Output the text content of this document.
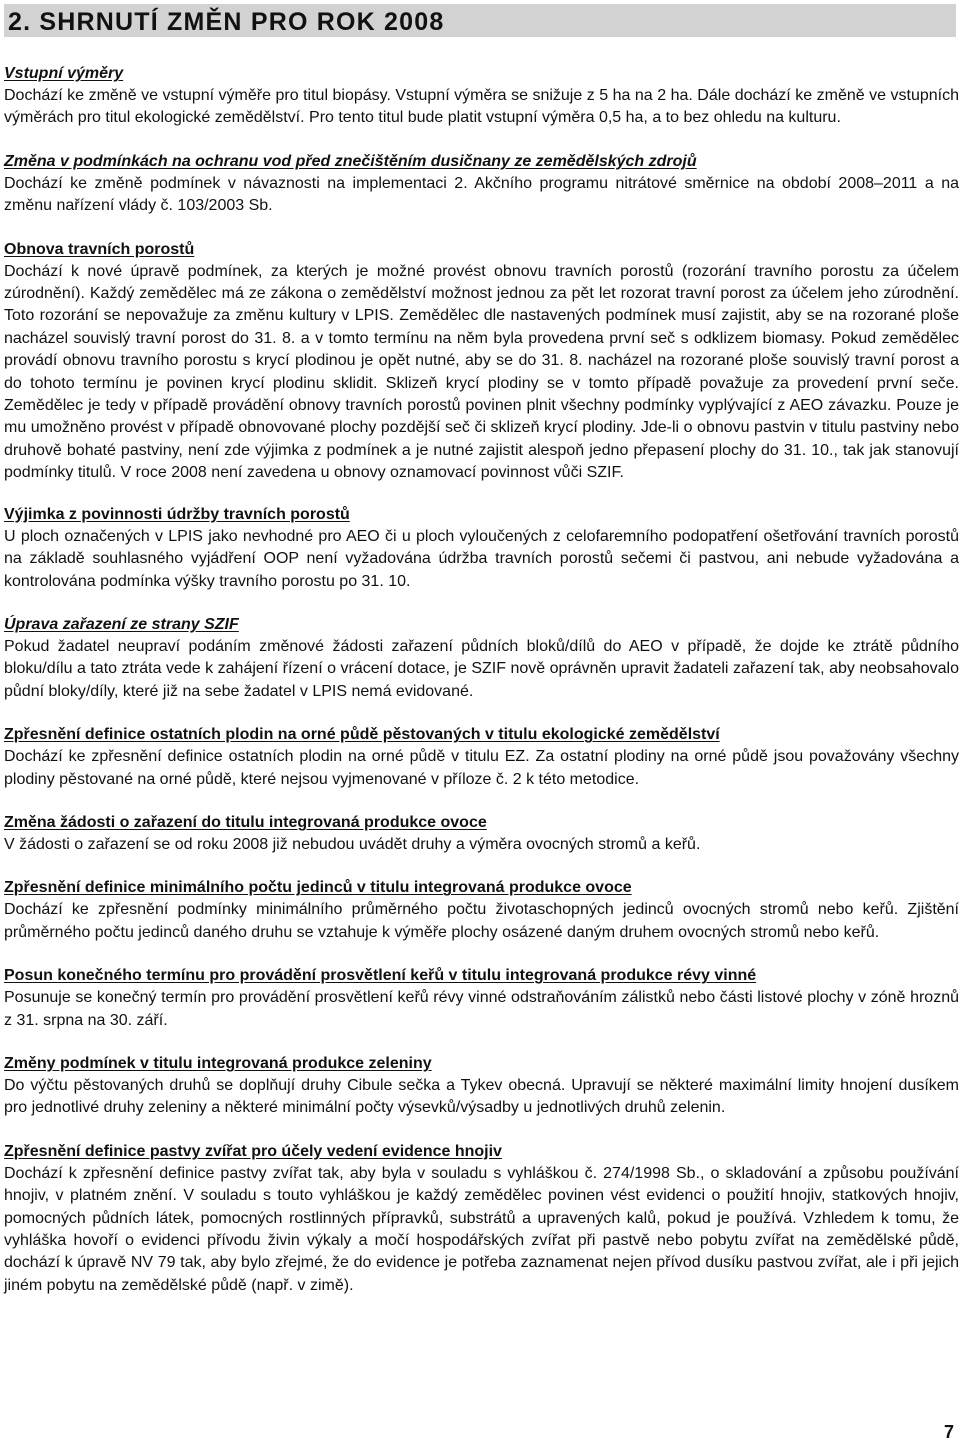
2. SHRNUTÍ ZMĚN PRO ROK 2008
Vstupní výměry

Dochází ke změně ve vstupní výměře pro titul biopásy. Vstupní výměra se snižuje z 5 ha na 2 ha. Dále dochází ke změně ve vstupních výměrách pro titul ekologické zemědělství. Pro tento titul bude platit vstupní výměra 0,5 ha, a to bez ohledu na kulturu.

Změna v podmínkách na ochranu vod před znečištěním dusičnany ze zemědělských zdrojů

Dochází ke změně podmínek v návaznosti na implementaci 2. Akčního programu nitrátové směrnice na období 2008–2011 a na změnu nařízení vlády č. 103/2003 Sb.

Obnova travních porostů

Dochází k nové úpravě podmínek, za kterých je možné provést obnovu travních porostů (rozorání travního porostu za účelem zúrodnění). Každý zemědělec má ze zákona o zemědělství možnost jednou za pět let rozorat travní porost za účelem jeho zúrodnění. Toto rozorání se nepovažuje za změnu kultury v LPIS. Zemědělec dle nastavených podmínek musí zajistit, aby se na rozorané ploše nacházel souvislý travní porost do 31. 8. a v tomto termínu na něm byla provedena první seč s odklizem biomasy. Pokud zemědělec provádí obnovu travního porostu s krycí plodinou je opět nutné, aby se do 31. 8. nacházel na rozorané ploše souvislý travní porost a do tohoto termínu je povinen krycí plodinu sklidit. Sklizeň krycí plodiny se v tomto případě považuje za provedení první seče. Zemědělec je tedy v případě provádění obnovy travních porostů povinen plnit všechny podmínky vyplývající z AEO závazku. Pouze je mu umožněno provést v případě obnovované plochy pozdější seč či sklizeň krycí plodiny. Jde-li o obnovu pastvin v titulu pastviny nebo druhově bohaté pastviny, není zde výjimka z podmínek a je nutné zajistit alespoň jedno přepasení plochy do 31. 10., tak jak stanovují podmínky titulů. V roce 2008 není zavedena u obnovy oznamovací povinnost vůči SZIF.

Výjimka z povinnosti údržby travních porostů

U ploch označených v LPIS jako nevhodné pro AEO či u ploch vyloučených z celofaremního podopatření ošetřování travních porostů na základě souhlasného vyjádření OOP není vyžadována údržba travních porostů sečemi či pastvou, ani nebude vyžadována a kontrolována podmínka výšky travního porostu po 31. 10.

Úprava zařazení ze strany SZIF

Pokud žadatel neupraví podáním změnové žádosti zařazení půdních bloků/dílů do AEO v případě, že dojde ke ztrátě půdního bloku/dílu a tato ztráta vede k zahájení řízení o vrácení dotace, je SZIF nově oprávněn upravit žadateli zařazení tak, aby neobsahovalo půdní bloky/díly, které již na sebe žadatel v LPIS nemá evidované.

Zpřesnění definice ostatních plodin na orné půdě pěstovaných v titulu ekologické zemědělství

Dochází ke zpřesnění definice ostatních plodin na orné půdě v titulu EZ. Za ostatní plodiny na orné půdě jsou považovány všechny plodiny pěstované na orné půdě, které nejsou vyjmenované v příloze č. 2 k této metodice.

Změna žádosti o zařazení do titulu integrovaná produkce ovoce

V žádosti o zařazení se od roku 2008 již nebudou uvádět druhy a výměra ovocných stromů a keřů.

Zpřesnění definice minimálního počtu jedinců v titulu integrovaná produkce ovoce

Dochází ke zpřesnění podmínky minimálního průměrného počtu životaschopných jedinců ovocných stromů nebo keřů. Zjištění průměrného počtu jedinců daného druhu se vztahuje k výměře plochy osázené daným druhem ovocných stromů nebo keřů.

Posun konečného termínu pro provádění prosvětlení keřů v titulu integrovaná produkce révy vinné

Posunuje se konečný termín pro provádění prosvětlení keřů révy vinné odstraňováním zálistků nebo části listové plochy v zóně hroznů z 31. srpna na 30. září.

Změny podmínek v titulu integrovaná produkce zeleniny

Do výčtu pěstovaných druhů se doplňují druhy Cibule sečka a Tykev obecná. Upravují se některé maximální limity hnojení dusíkem pro jednotlivé druhy zeleniny a některé minimální počty výsevků/výsadby u jednotlivých druhů zelenin.

Zpřesnění definice pastvy zvířat pro účely vedení evidence hnojiv

Dochází k zpřesnění definice pastvy zvířat tak, aby byla v souladu s vyhláškou č. 274/1998 Sb., o skladování a způsobu používání hnojiv, v platném znění. V souladu s touto vyhláškou je každý zemědělec povinen vést evidenci o použití hnojiv, statkových hnojiv, pomocných půdních látek, pomocných rostlinných přípravků, substrátů a upravených kalů, pokud je používá. Vzhledem k tomu, že vyhláška hovoří o evidenci přívodu živin výkaly a močí hospodářských zvířat při pastvě nebo pobytu zvířat na zemědělské půdě, dochází k úpravě NV 79 tak, aby bylo zřejmé, že do evidence je potřeba zaznamenat nejen přívod dusíku pastvou zvířat, ale i při jejich jiném pobytu na zemědělské půdě (např. v zimě).

7
